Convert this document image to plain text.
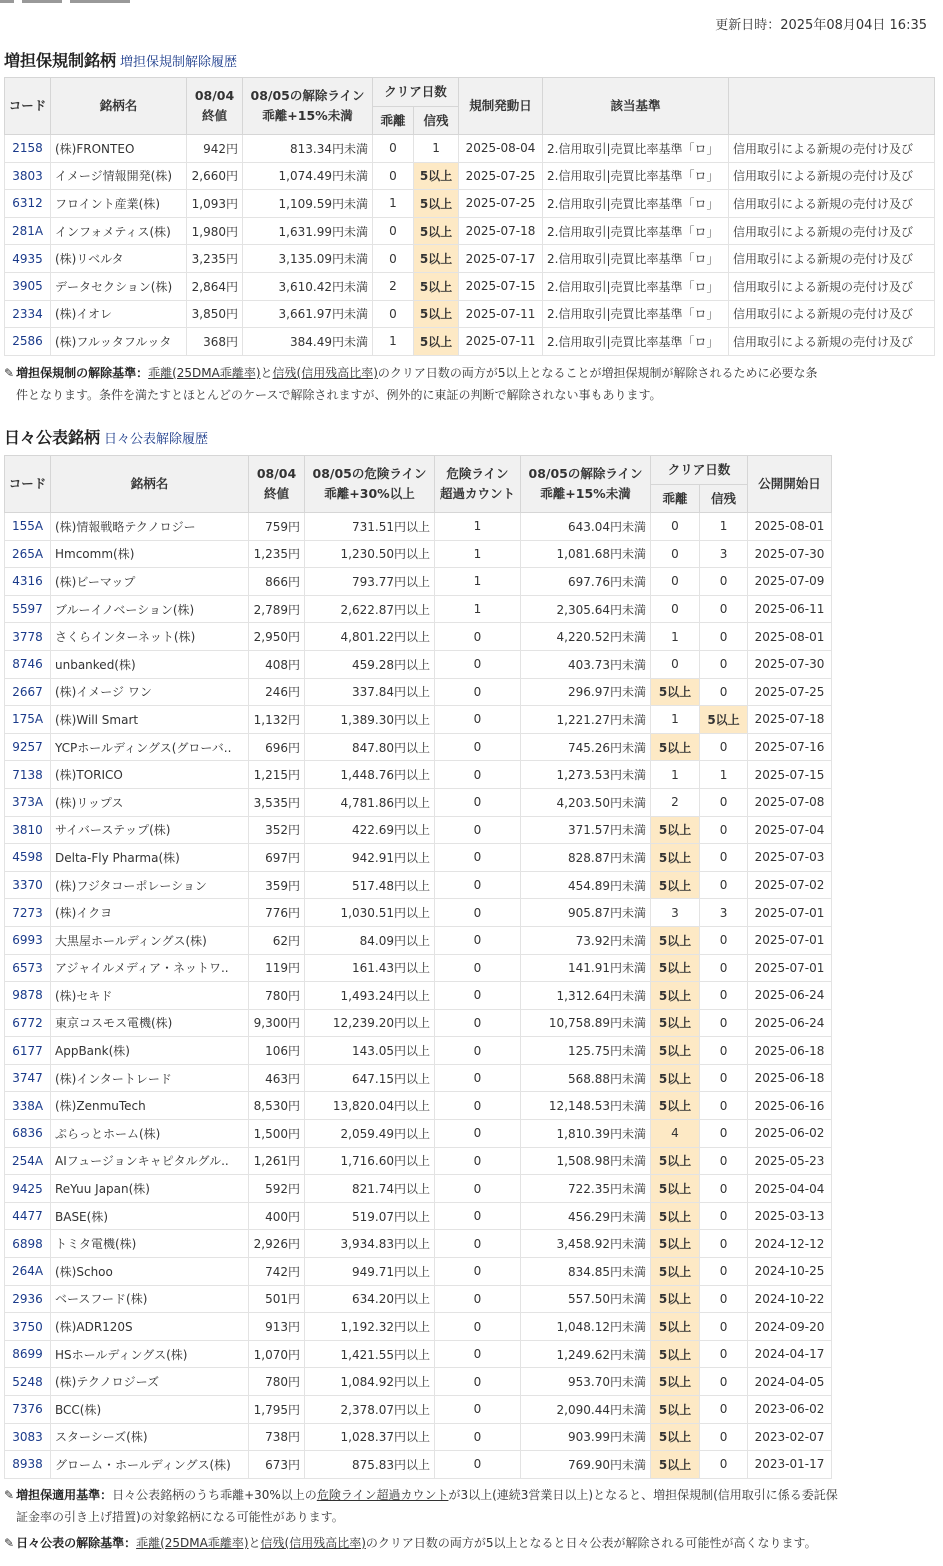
更新日時：2025年08月04日 16:35
増担保規制銘柄 増担保規制解除履歴
コード	銘柄名	08/04
終値	08/05の解除ライン
乖離+15%未満	クリア日数		規制発動日	該当基準	
				乖離	信残			
2158	(株)FRONTEO	942円	813.34円未満	0	1	2025-08-04	2.信用取引|売買比率基準「ロ」	信用取引による新規の売付け及び
3803	イメージ情報開発(株)	2,660円	1,074.49円未満	0	5以上	2025-07-25	2.信用取引|売買比率基準「ロ」	信用取引による新規の売付け及び
6312	フロイント産業(株)	1,093円	1,109.59円未満	1	5以上	2025-07-25	2.信用取引|売買比率基準「ロ」	信用取引による新規の売付け及び
281A	インフォメティス(株)	1,980円	1,631.99円未満	0	5以上	2025-07-18	2.信用取引|売買比率基準「ロ」	信用取引による新規の売付け及び
4935	(株)リベルタ	3,235円	3,135.09円未満	0	5以上	2025-07-17	2.信用取引|売買比率基準「ロ」	信用取引による新規の売付け及び
3905	データセクション(株)	2,864円	3,610.42円未満	2	5以上	2025-07-15	2.信用取引|売買比率基準「ロ」	信用取引による新規の売付け及び
2334	(株)イオレ	3,850円	3,661.97円未満	0	5以上	2025-07-11	2.信用取引|売買比率基準「ロ」	信用取引による新規の売付け及び
2586	(株)フルッタフルッタ	368円	384.49円未満	1	5以上	2025-07-11	2.信用取引|売買比率基準「ロ」	信用取引による新規の売付け及び
✎ 増担保規制の解除基準：乖離(25DMA乖離率)と信残(信用残高比率)のクリア日数の両方が5以上となることが増担保規制が解除されるために必要な条
件となります。条件を満たすとほとんどのケースで解除されますが、例外的に東証の判断で解除されない事もあります。
日々公表銘柄 日々公表解除履歴
コード	銘柄名	08/04
終値	08/05の危険ライン
乖離+30%以上	危険ライン
超過カウント	08/05の解除ライン
乖離+15%未満	クリア日数		公開開始日
						乖離	信残	
155A	(株)情報戦略テクノロジー	759円	731.51円以上	1	643.04円未満	0	1	2025-08-01
265A	Hmcomm(株)	1,235円	1,230.50円以上	1	1,081.68円未満	0	3	2025-07-30
4316	(株)ビーマップ	866円	793.77円以上	1	697.76円未満	0	0	2025-07-09
5597	ブルーイノベーション(株)	2,789円	2,622.87円以上	1	2,305.64円未満	0	0	2025-06-11
3778	さくらインターネット(株)	2,950円	4,801.22円以上	0	4,220.52円未満	1	0	2025-08-01
8746	unbanked(株)	408円	459.28円以上	0	403.73円未満	0	0	2025-07-30
2667	(株)イメージ ワン	246円	337.84円以上	0	296.97円未満	5以上	0	2025-07-25
175A	(株)Will Smart	1,132円	1,389.30円以上	0	1,221.27円未満	1	5以上	2025-07-18
9257	YCPホールディングス(グローバ..	696円	847.80円以上	0	745.26円未満	5以上	0	2025-07-16
7138	(株)TORICO	1,215円	1,448.76円以上	0	1,273.53円未満	1	1	2025-07-15
373A	(株)リップス	3,535円	4,781.86円以上	0	4,203.50円未満	2	0	2025-07-08
3810	サイバーステップ(株)	352円	422.69円以上	0	371.57円未満	5以上	0	2025-07-04
4598	Delta-Fly Pharma(株)	697円	942.91円以上	0	828.87円未満	5以上	0	2025-07-03
3370	(株)フジタコーポレーション	359円	517.48円以上	0	454.89円未満	5以上	0	2025-07-02
7273	(株)イクヨ	776円	1,030.51円以上	0	905.87円未満	3	3	2025-07-01
6993	大黒屋ホールディングス(株)	62円	84.09円以上	0	73.92円未満	5以上	0	2025-07-01
6573	アジャイルメディア・ネットワ..	119円	161.43円以上	0	141.91円未満	5以上	0	2025-07-01
9878	(株)セキド	780円	1,493.24円以上	0	1,312.64円未満	5以上	0	2025-06-24
6772	東京コスモス電機(株)	9,300円	12,239.20円以上	0	10,758.89円未満	5以上	0	2025-06-24
6177	AppBank(株)	106円	143.05円以上	0	125.75円未満	5以上	0	2025-06-18
3747	(株)インタートレード	463円	647.15円以上	0	568.88円未満	5以上	0	2025-06-18
338A	(株)ZenmuTech	8,530円	13,820.04円以上	0	12,148.53円未満	5以上	0	2025-06-16
6836	ぷらっとホーム(株)	1,500円	2,059.49円以上	0	1,810.39円未満	4	0	2025-06-02
254A	AIフュージョンキャピタルグル..	1,261円	1,716.60円以上	0	1,508.98円未満	5以上	0	2025-05-23
9425	ReYuu Japan(株)	592円	821.74円以上	0	722.35円未満	5以上	0	2025-04-04
4477	BASE(株)	400円	519.07円以上	0	456.29円未満	5以上	0	2025-03-13
6898	トミタ電機(株)	2,926円	3,934.83円以上	0	3,458.92円未満	5以上	0	2024-12-12
264A	(株)Schoo	742円	949.71円以上	0	834.85円未満	5以上	0	2024-10-25
2936	ベースフード(株)	501円	634.20円以上	0	557.50円未満	5以上	0	2024-10-22
3750	(株)ADR120S	913円	1,192.32円以上	0	1,048.12円未満	5以上	0	2024-09-20
8699	HSホールディングス(株)	1,070円	1,421.55円以上	0	1,249.62円未満	5以上	0	2024-04-17
5248	(株)テクノロジーズ	780円	1,084.92円以上	0	953.70円未満	5以上	0	2024-04-05
7376	BCC(株)	1,795円	2,378.07円以上	0	2,090.44円未満	5以上	0	2023-06-02
3083	スターシーズ(株)	738円	1,028.37円以上	0	903.99円未満	5以上	0	2023-02-07
8938	グローム・ホールディングス(株)	673円	875.83円以上	0	769.90円未満	5以上	0	2023-01-17
✎ 増担保適用基準：日々公表銘柄のうち乖離+30%以上の危険ライン超過カウントが3以上(連続3営業日以上)となると、増担保規制(信用取引に係る委託保
証金率の引き上げ措置)の対象銘柄になる可能性があります。
✎ 日々公表の解除基準：乖離(25DMA乖離率)と信残(信用残高比率)のクリア日数の両方が5以上となると日々公表が解除される可能性が高くなります。
